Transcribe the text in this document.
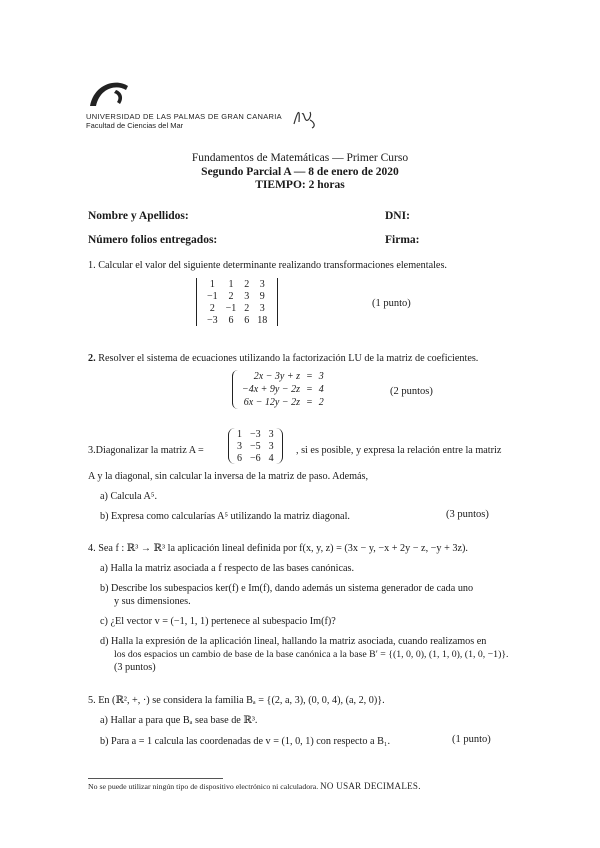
UNIVERSIDAD DE LAS PALMAS DE GRAN CANARIA
Facultad de Ciencias del Mar
Fundamentos de Matemáticas — Primer Curso
Segundo Parcial A — 8 de enero de 2020
TIEMPO: 2 horas
Nombre y Apellidos:	DNI:
Número folios entregados:	Firma:
1. Calcular el valor del siguiente determinante realizando transformaciones elementales.
1	1	2	3
−1	2	3	9
2	−1	2	3
−3	6	6	18
(1 punto)
2. Resolver el sistema de ecuaciones utilizando la factorización LU de la matriz de coeficientes.
2x − 3y + z	=	3
−4x + 9y − 2z	=	4
6x − 12y − 2z	=	2
(2 puntos)
3.Diagonalizar la matriz A =
1	−3	3
3	−5	3
6	−6	4
, si es posible, y expresa la relación entre la matriz
A y la diagonal, sin calcular la inversa de la matriz de paso. Además,
a) Calcula A⁵.
b) Expresa como calcularías A⁵ utilizando la matriz diagonal.	(3 puntos)
4. Sea f : ℝ³ → ℝ³ la aplicación lineal definida por f(x, y, z) = (3x − y, −x + 2y − z, −y + 3z).
a) Halla la matriz asociada a f respecto de las bases canónicas.
b) Describe los subespacios ker(f) e Im(f), dando además un sistema generador de cada uno
y sus dimensiones.
c) ¿El vector v = (−1, 1, 1) pertenece al subespacio Im(f)?
d) Halla la expresión de la aplicación lineal, hallando la matriz asociada, cuando realizamos en
los dos espacios un cambio de base de la base canónica a la base B′ = {(1, 0, 0), (1, 1, 0), (1, 0, −1)}.
(3 puntos)
5. En (ℝ², +, ·) se considera la familia Bₐ = {(2, a, 3), (0, 0, 4), (a, 2, 0)}.
a) Hallar a para que Bₐ sea base de ℝ³.
b) Para a = 1 calcula las coordenadas de v = (1, 0, 1) con respecto a B₁.	(1 punto)
No se puede utilizar ningún tipo de dispositivo electrónico ni calculadora. NO USAR DECIMALES.
